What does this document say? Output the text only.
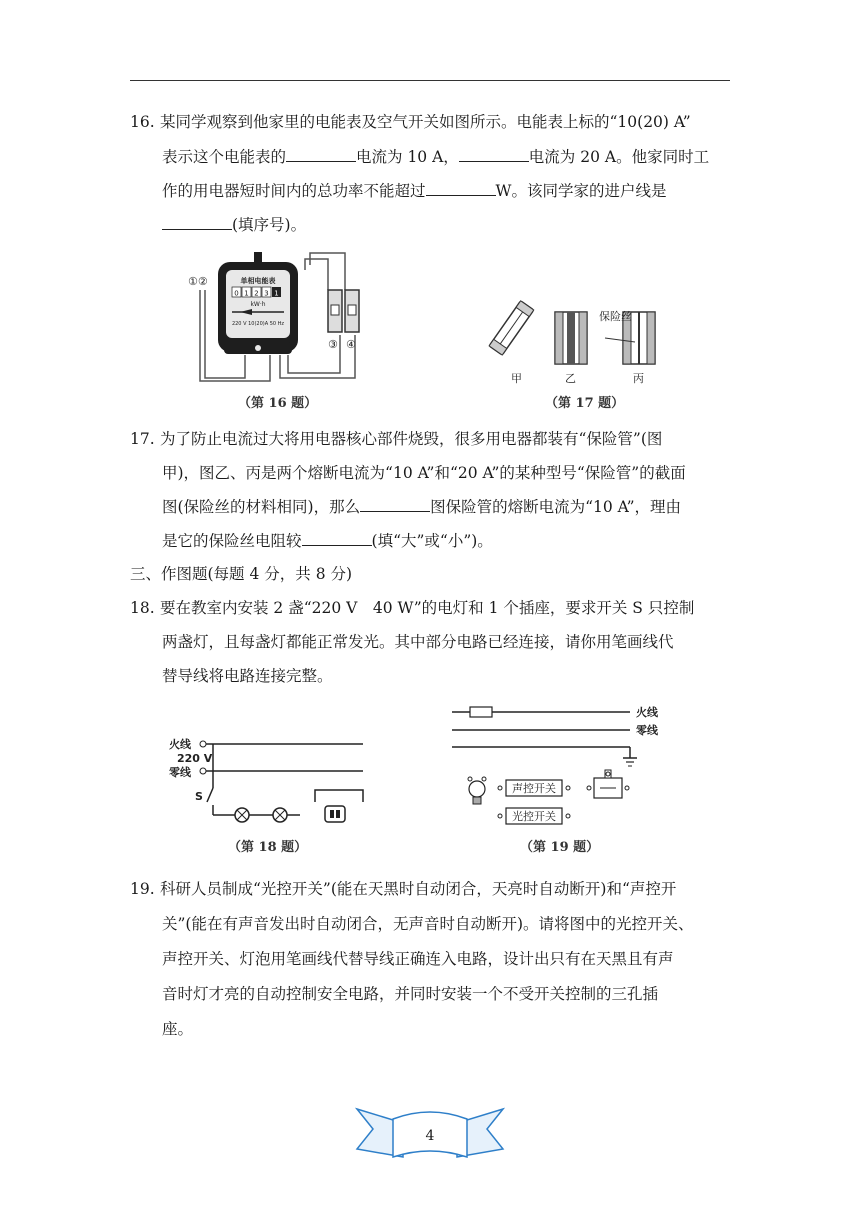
16. 某同学观察到他家里的电能表及空气开关如图所示。电能表上标的“10(20) A”

表示这个电能表的	电流为 10 A，	电流为 20 A。他家同时工

作的用电器短时间内的总功率不能超过	W。该同学家的进户线是

(填序号)。

单相电能表
0 1 2 3 1
kW·h
220 V 10(20)A 50 Hz
①②
③ ④
（第 16 题）
保险丝
甲	乙	丙
（第 17 题）

17. 为了防止电流过大将用电器核心部件烧毁，很多用电器都装有“保险管”(图

甲)，图乙、丙是两个熔断电流为“10 A”和“20 A”的某种型号“保险管”的截面

图(保险丝的材料相同)，那么	图保险管的熔断电流为“10 A”，理由

是它的保险丝电阻较	(填“大”或“小”)。

三、作图题(每题 4 分，共 8 分)

18. 要在教室内安装 2 盏“220 V　40 W”的电灯和 1 个插座，要求开关 S 只控制

两盏灯，且每盏灯都能正常发光。其中部分电路已经连接，请你用笔画线代

替导线将电路连接完整。

火线
220 V
零线
S
（第 18 题）
火线
零线
声控开关
光控开关
（第 19 题）

19. 科研人员制成“光控开关”(能在天黑时自动闭合，天亮时自动断开)和“声控开

关”(能在有声音发出时自动闭合，无声音时自动断开)。请将图中的光控开关、

声控开关、灯泡用笔画线代替导线正确连入电路，设计出只有在天黑且有声

音时灯才亮的自动控制安全电路，并同时安装一个不受开关控制的三孔插

座。

4
